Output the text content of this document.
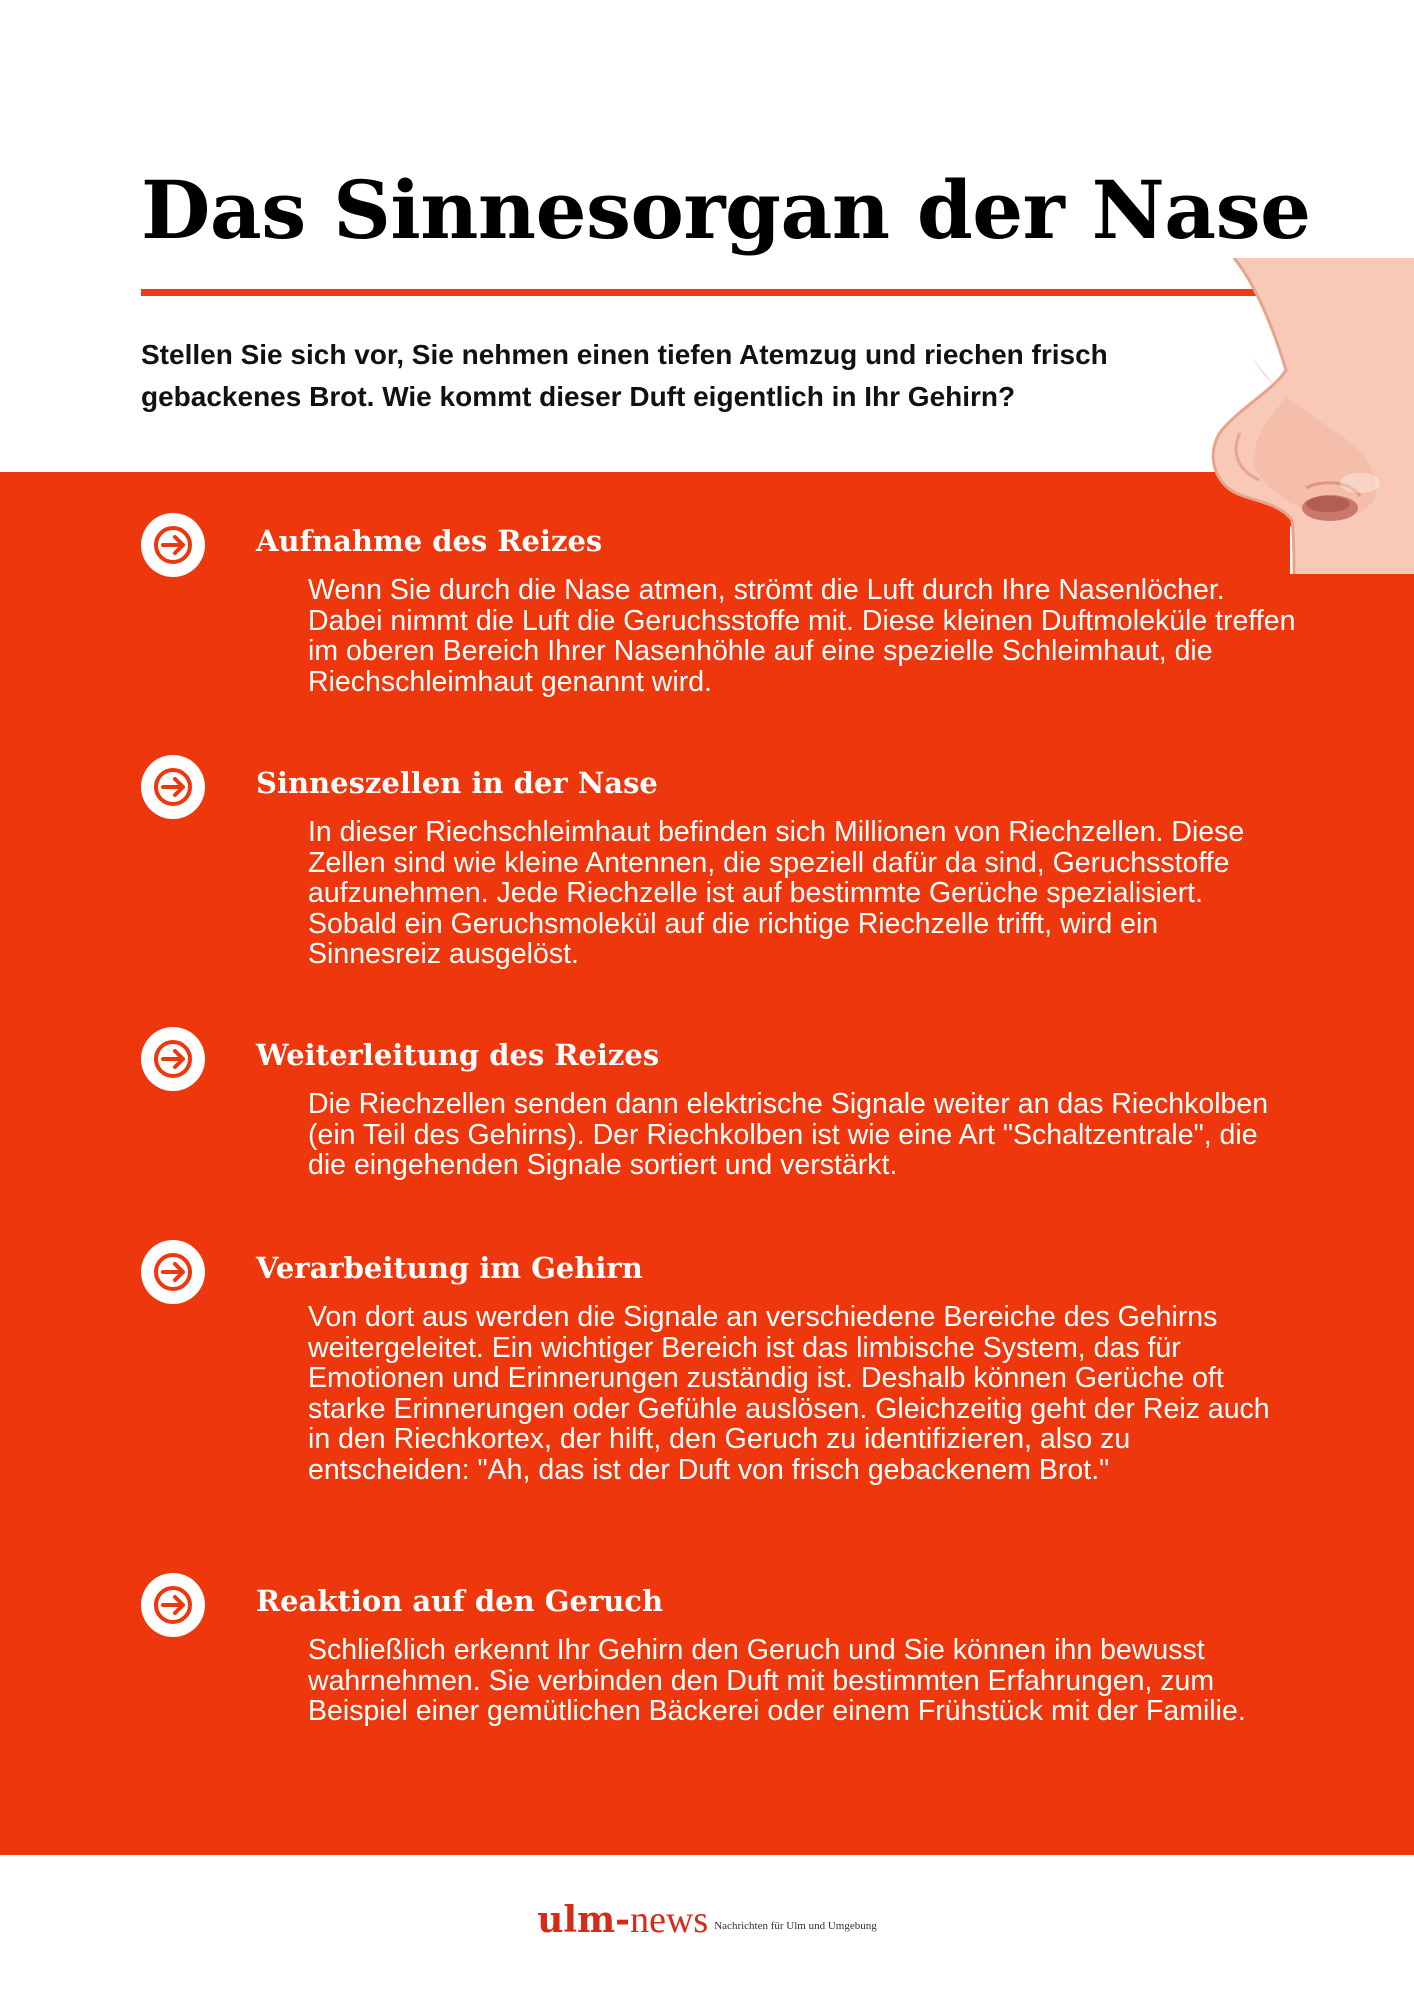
Das Sinnesorgan der Nase

Stellen Sie sich vor, Sie nehmen einen tiefen Atemzug und riechen frisch gebackenes Brot. Wie kommt dieser Duft eigentlich in Ihr Gehirn?

Aufnahme des Reizes

Wenn Sie durch die Nase atmen, strömt die Luft durch Ihre Nasenlöcher. Dabei nimmt die Luft die Geruchsstoffe mit. Diese kleinen Duftmoleküle treffen im oberen Bereich Ihrer Nasenhöhle auf eine spezielle Schleimhaut, die Riechschleimhaut genannt wird.

Sinneszellen in der Nase

In dieser Riechschleimhaut befinden sich Millionen von Riechzellen. Diese Zellen sind wie kleine Antennen, die speziell dafür da sind, Geruchsstoffe aufzunehmen. Jede Riechzelle ist auf bestimmte Gerüche spezialisiert. Sobald ein Geruchsmolekül auf die richtige Riechzelle trifft, wird ein Sinnesreiz ausgelöst.

Weiterleitung des Reizes

Die Riechzellen senden dann elektrische Signale weiter an das Riechkolben (ein Teil des Gehirns). Der Riechkolben ist wie eine Art "Schaltzentrale", die die eingehenden Signale sortiert und verstärkt.

Verarbeitung im Gehirn

Von dort aus werden die Signale an verschiedene Bereiche des Gehirns weitergeleitet. Ein wichtiger Bereich ist das limbische System, das für Emotionen und Erinnerungen zuständig ist. Deshalb können Gerüche oft starke Erinnerungen oder Gefühle auslösen. Gleichzeitig geht der Reiz auch in den Riechkortex, der hilft, den Geruch zu identifizieren, also zu entscheiden: "Ah, das ist der Duft von frisch gebackenem Brot."

Reaktion auf den Geruch

Schließlich erkennt Ihr Gehirn den Geruch und Sie können ihn bewusst wahrnehmen. Sie verbinden den Duft mit bestimmten Erfahrungen, zum Beispiel einer gemütlichen Bäckerei oder einem Frühstück mit der Familie.

ulm- news Nachrichten für Ulm und Umgebung
